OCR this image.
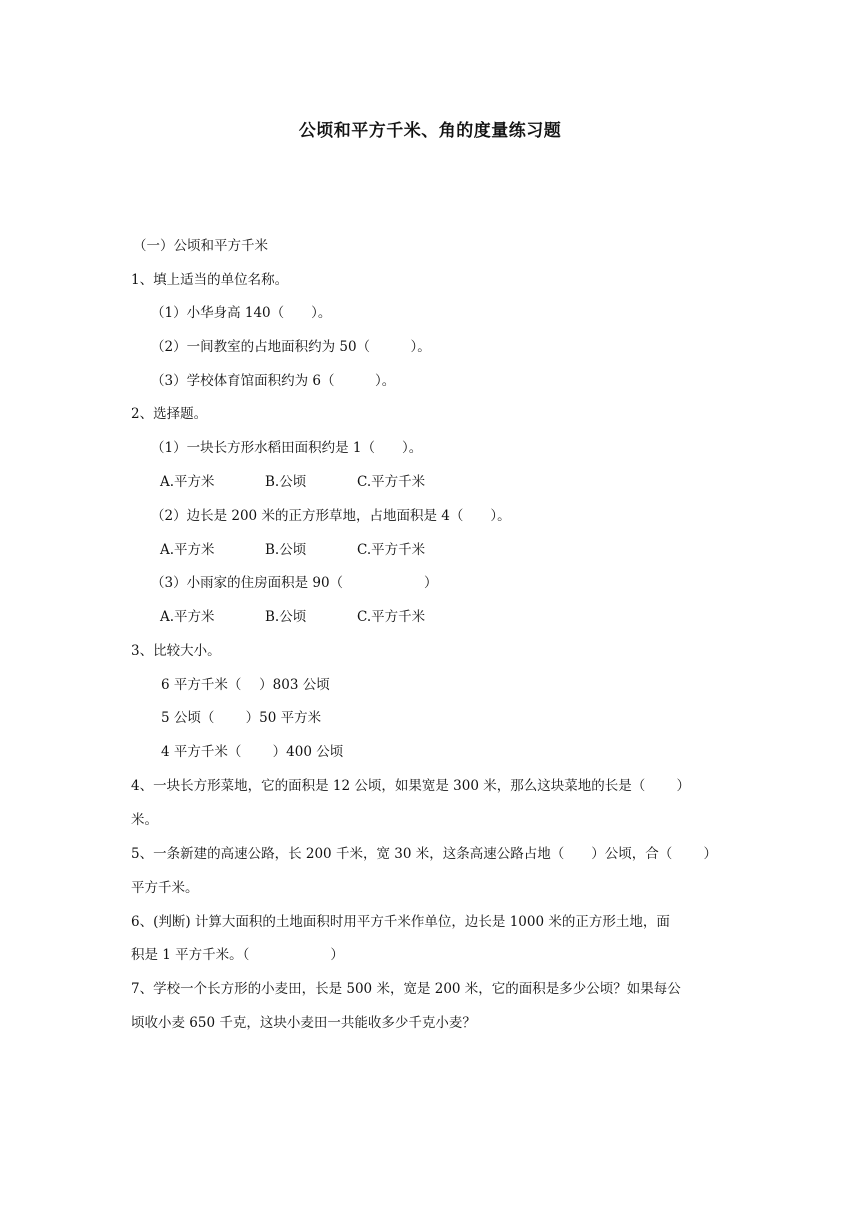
公顷和平方千米、角的度量练习题
（一）公顷和平方千米
1、填上适当的单位名称。
（1）小华身高 140（　　）。
（2）一间教室的占地面积约为 50（　　　）。
（3）学校体育馆面积约为 6（　　　）。
2、选择题。
（1）一块长方形水稻田面积约是 1（　　）。
A.平方米	B.公顷	C.平方千米
（2）边长是 200 米的正方形草地，占地面积是 4（　　）。
A.平方米	B.公顷	C.平方千米
（3）小雨家的住房面积是 90（　　　　　　）
A.平方米	B.公顷	C.平方千米
3、比较大小。
6 平方千米（　 ）803 公顷
5 公顷（　 　）50 平方米
4 平方千米（　 　）400 公顷
4、一块长方形菜地，它的面积是 12 公顷，如果宽是 300 米，那么这块菜地的长是（　　 ）
米。
5、一条新建的高速公路，长 200 千米，宽 30 米，这条高速公路占地（　　）公顷，合（　　 ）
平方千米。
6、(判断) 计算大面积的土地面积时用平方千米作单位，边长是 1000 米的正方形土地，面
积是 1 平方千米。（　　　　　　）
7、学校一个长方形的小麦田，长是 500 米，宽是 200 米，它的面积是多少公顷？如果每公
顷收小麦 650 千克，这块小麦田一共能收多少千克小麦？
